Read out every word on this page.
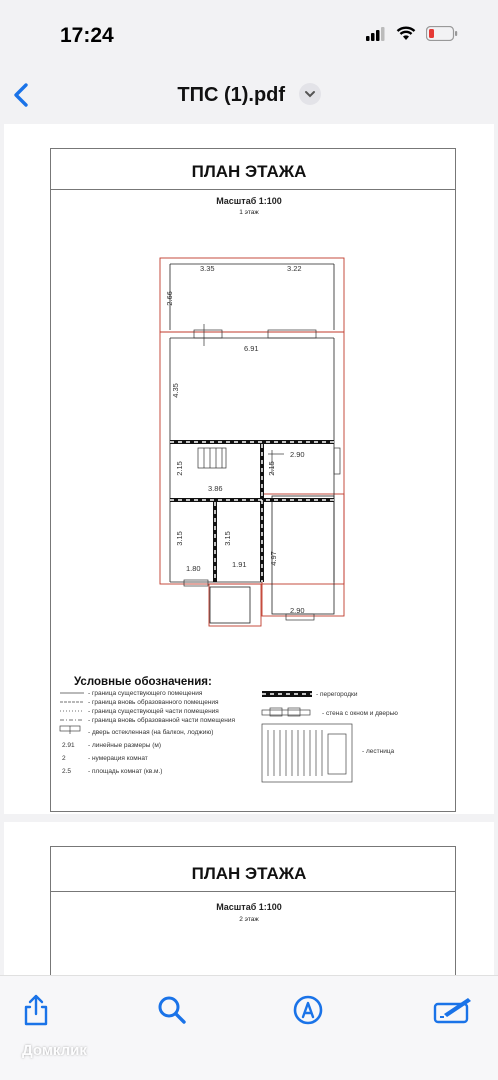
17:24
ТПС (1).pdf
ПЛАН ЭТАЖА
Масштаб 1:100
1 этаж
3.35	3.22
2.66
6.91
4.35
2.15
2.90
2.15
3.86
3.15	3.15
4.97
1.80	1.91
2.90
Условные обозначения:
- граница существующего помещения
- граница вновь образованного помещения
- граница существующей части помещения
- граница вновь образованной части помещения
- дверь остекленная (на балкон, лоджию)
2.91 - линейные размеры (м)
2	- нумерация комнат
2.5	- площадь комнат (кв.м.)
- перегородки
- стена с окном и дверью
- лестница
ПЛАН ЭТАЖА
Масштаб 1:100
2 этаж
Домклик
